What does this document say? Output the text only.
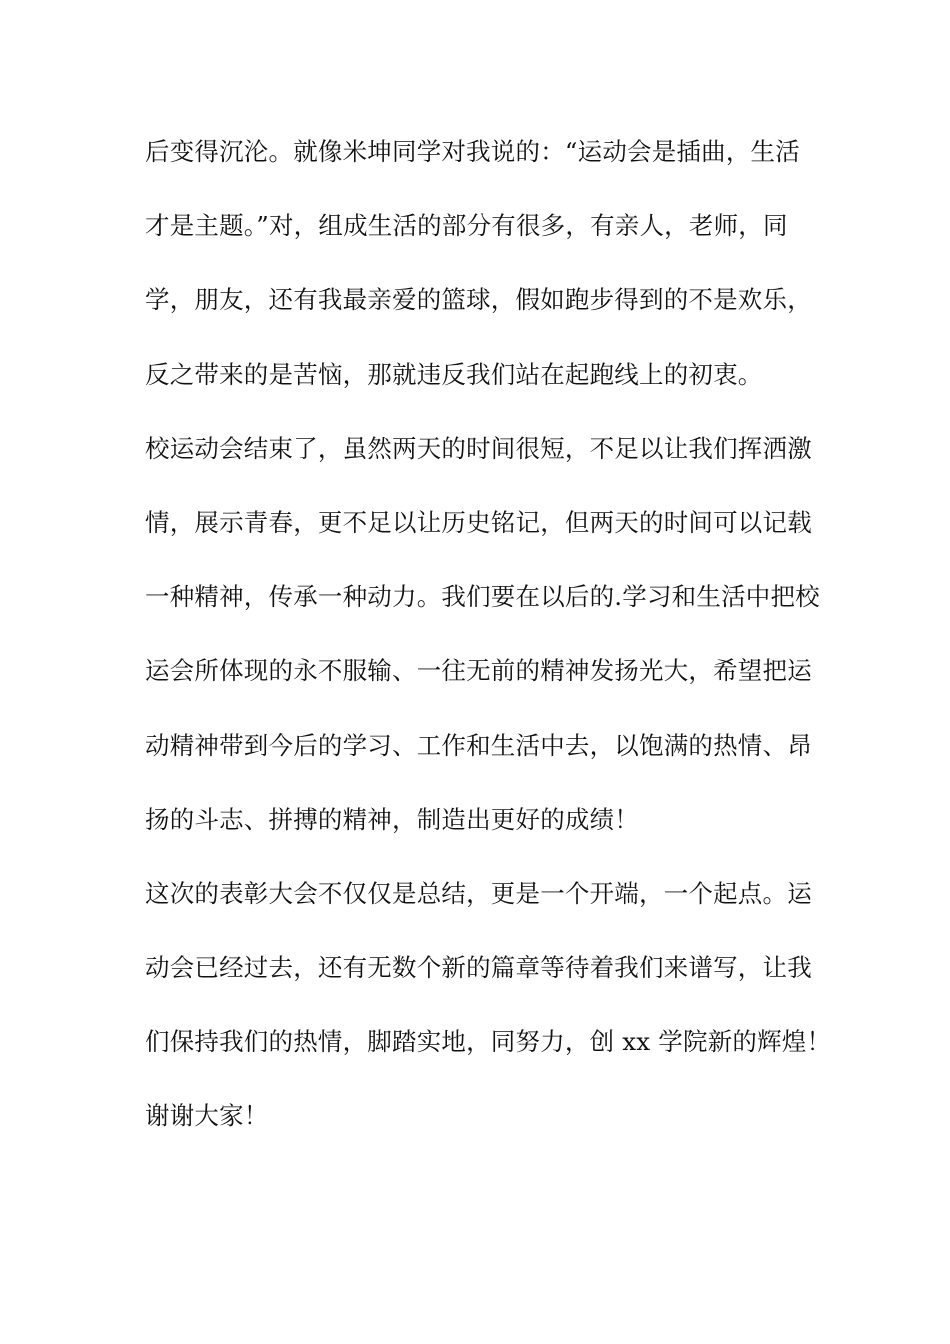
后变得沉沦。就像米坤同学对我说的：“运动会是插曲，生活
才是主题。”对，组成生活的部分有很多，有亲人，老师，同
学，朋友，还有我最亲爱的篮球，假如跑步得到的不是欢乐，
反之带来的是苦恼，那就违反我们站在起跑线上的初衷。
校运动会结束了，虽然两天的时间很短，不足以让我们挥洒激
情，展示青春，更不足以让历史铭记，但两天的时间可以记载
一种精神，传承一种动力。我们要在以后的.学习和生活中把校
运会所体现的永不服输、一往无前的精神发扬光大，希望把运
动精神带到今后的学习、工作和生活中去，以饱满的热情、昂
扬的斗志、拼搏的精神，制造出更好的成绩！
这次的表彰大会不仅仅是总结，更是一个开端，一个起点。运
动会已经过去，还有无数个新的篇章等待着我们来谱写，让我
们保持我们的热情，脚踏实地，同努力，创 xx 学院新的辉煌！
谢谢大家！
